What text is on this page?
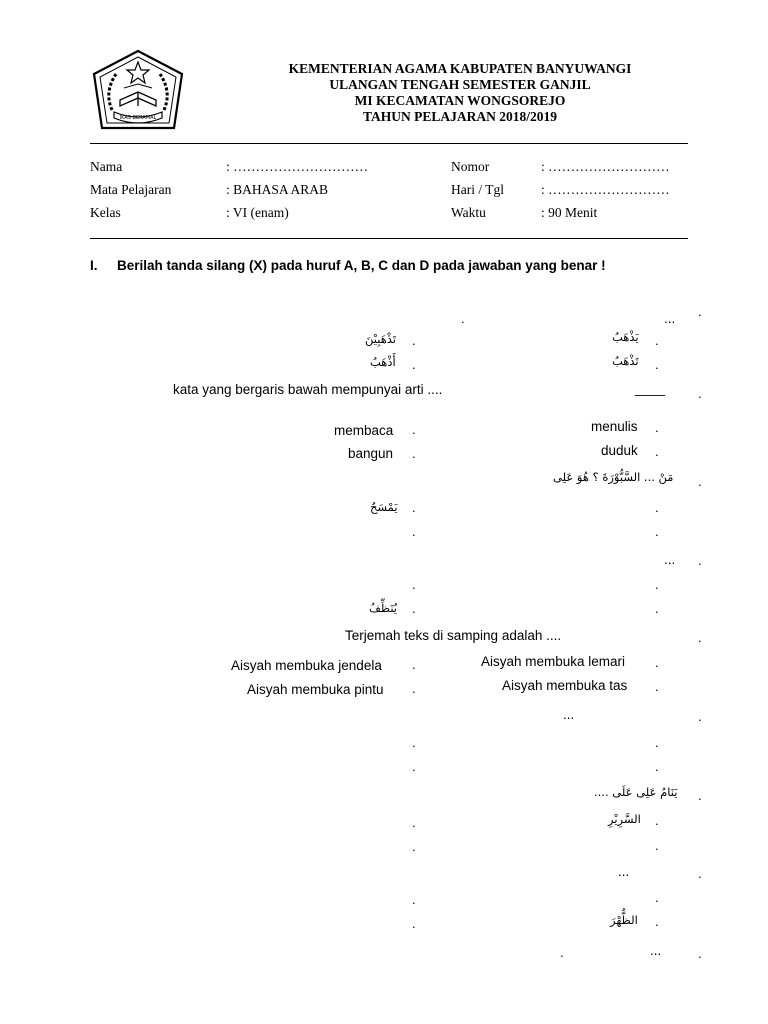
IKAS BERAMAL
KEMENTERIAN AGAMA KABUPATEN BANYUWANGI
ULANGAN TENGAH SEMESTER GANJIL
MI KECAMATAN WONGSOREJO
TAHUN PELAJARAN 2018/2019
Nama	: …………………………
Mata Pelajaran	: BAHASA ARAB
Kelas	: VI (enam)
Nomor	: ………………………
Hari / Tgl	: ………………………
Waktu	: 90 Menit
I. Berilah tanda silang (X) pada huruf A, B, C dan D pada jawaban yang benar !
.
...
.
يَذْهَبُ .
تَذْهَبِيْنَ .
تَذْهَبُ .
أَذْهَبُ .
.
____
kata yang bergaris bawah mempunyai arti ....
menulis .
membaca .
duduk .
bangun .
.
مَنْ ... السَّبُّوْرَةَ ؟ هُوَ عَلِى
.
يَمْسَحُ .
.
.
.
...
.
.
.
يُنَظِّفُ .
.
Terjemah teks di samping adalah ....
Aisyah membuka lemari .
Aisyah membuka jendela .
Aisyah membuka tas .
Aisyah membuka pintu .
.
...
.
.
.
.
.
يَنَامُ عَلِى عَلَى ....
السَّرِيْرِ .
.
.
.
.
...
.
.
الظُّهْرَ .
.
.
...
.
